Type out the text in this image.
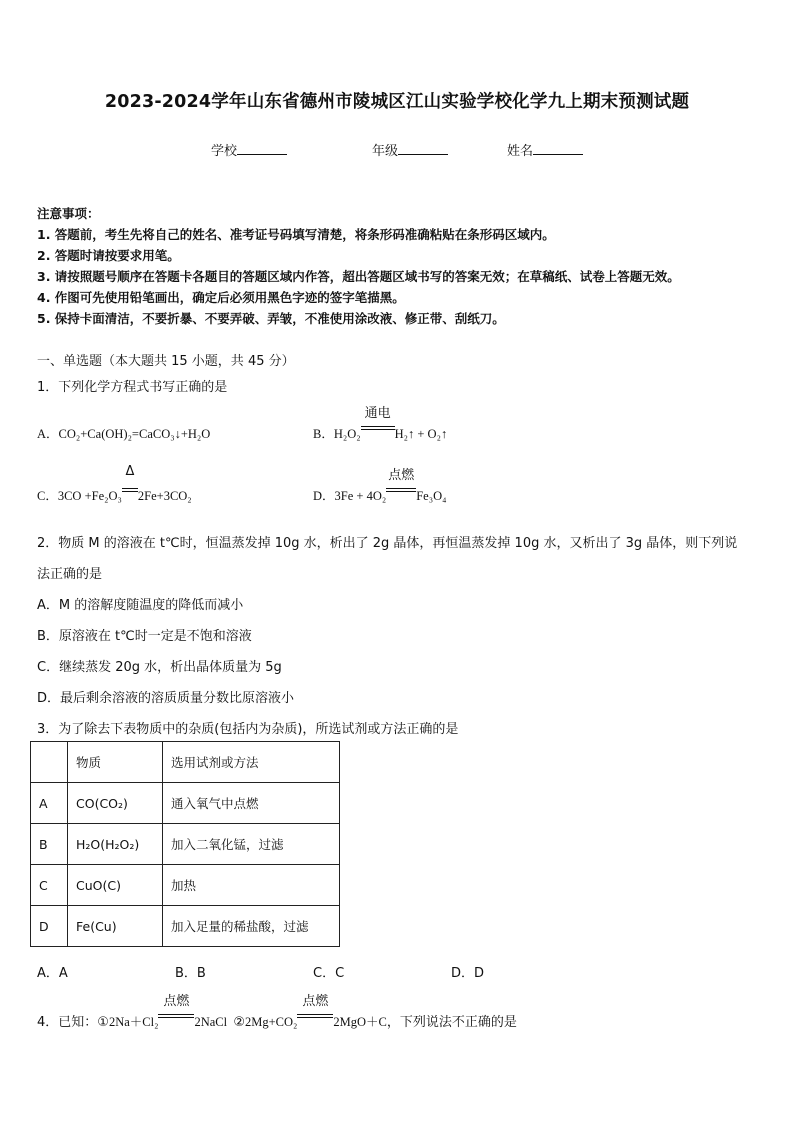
2023-2024学年山东省德州市陵城区江山实验学校化学九上期末预测试题
学校	年级	姓名
注意事项：
1. 答题前，考生先将自己的姓名、准考证号码填写清楚，将条形码准确粘贴在条形码区域内。
2. 答题时请按要求用笔。
3. 请按照题号顺序在答题卡各题目的答题区域内作答，超出答题区域书写的答案无效；在草稿纸、试卷上答题无效。
4. 作图可先使用铅笔画出，确定后必须用黑色字迹的签字笔描黑。
5. 保持卡面清洁，不要折暴、不要弄破、弄皱，不准使用涂改液、修正带、刮纸刀。
一、单选题（本大题共 15 小题，共 45 分）
1．下列化学方程式书写正确的是
A．CO₂+Ca(OH)₂=CaCO₃↓+H₂O	B．H₂O₂
通电
H₂↑ + O₂↑
C．3CO +Fe₂O₃
Δ
2Fe+3CO₂	D．3Fe + 4O₂
点燃
Fe₃O₄
2．物质 M 的溶液在 t℃时，恒温蒸发掉 10g 水，析出了 2g 晶体，再恒温蒸发掉 10g 水，又析出了 3g 晶体，则下列说
法正确的是
A．M 的溶解度随温度的降低而减小
B．原溶液在 t℃时一定是不饱和溶液
C．继续蒸发 20g 水，析出晶体质量为 5g
D．最后剩余溶液的溶质质量分数比原溶液小
3．为了除去下表物质中的杂质(包括内为杂质)，所选试剂或方法正确的是
	物质	选用试剂或方法
A	CO(CO₂)	通入氧气中点燃
B	H₂O(H₂O₂)	加入二氧化锰，过滤
C	CuO(C)	加热
D	Fe(Cu)	加入足量的稀盐酸，过滤
A．A	B．B	C．C	D．D
4．已知：①2Na＋Cl₂
点燃
2NaCl ②2Mg+CO₂
点燃
2MgO＋C，下列说法不正确的是
